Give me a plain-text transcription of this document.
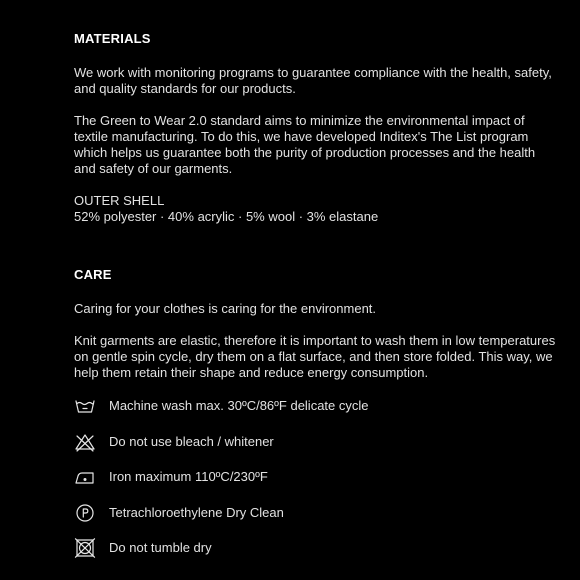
MATERIALS

We work with monitoring programs to guarantee compliance with the health, safety, and quality standards for our products.

The Green to Wear 2.0 standard aims to minimize the environmental impact of textile manufacturing. To do this, we have developed Inditex's The List program which helps us guarantee both the purity of production processes and the health and safety of our garments.

OUTER SHELL

52% polyester · 40% acrylic · 5% wool · 3% elastane

CARE

Caring for your clothes is caring for the environment.

Knit garments are elastic, therefore it is important to wash them in low temperatures on gentle spin cycle, dry them on a flat surface, and then store folded. This way, we help them retain their shape and reduce energy consumption.

Machine wash max. 30ºC/86ºF delicate cycle
Do not use bleach / whitener
Iron maximum 110ºC/230ºF
Tetrachloroethylene Dry Clean
Do not tumble dry
